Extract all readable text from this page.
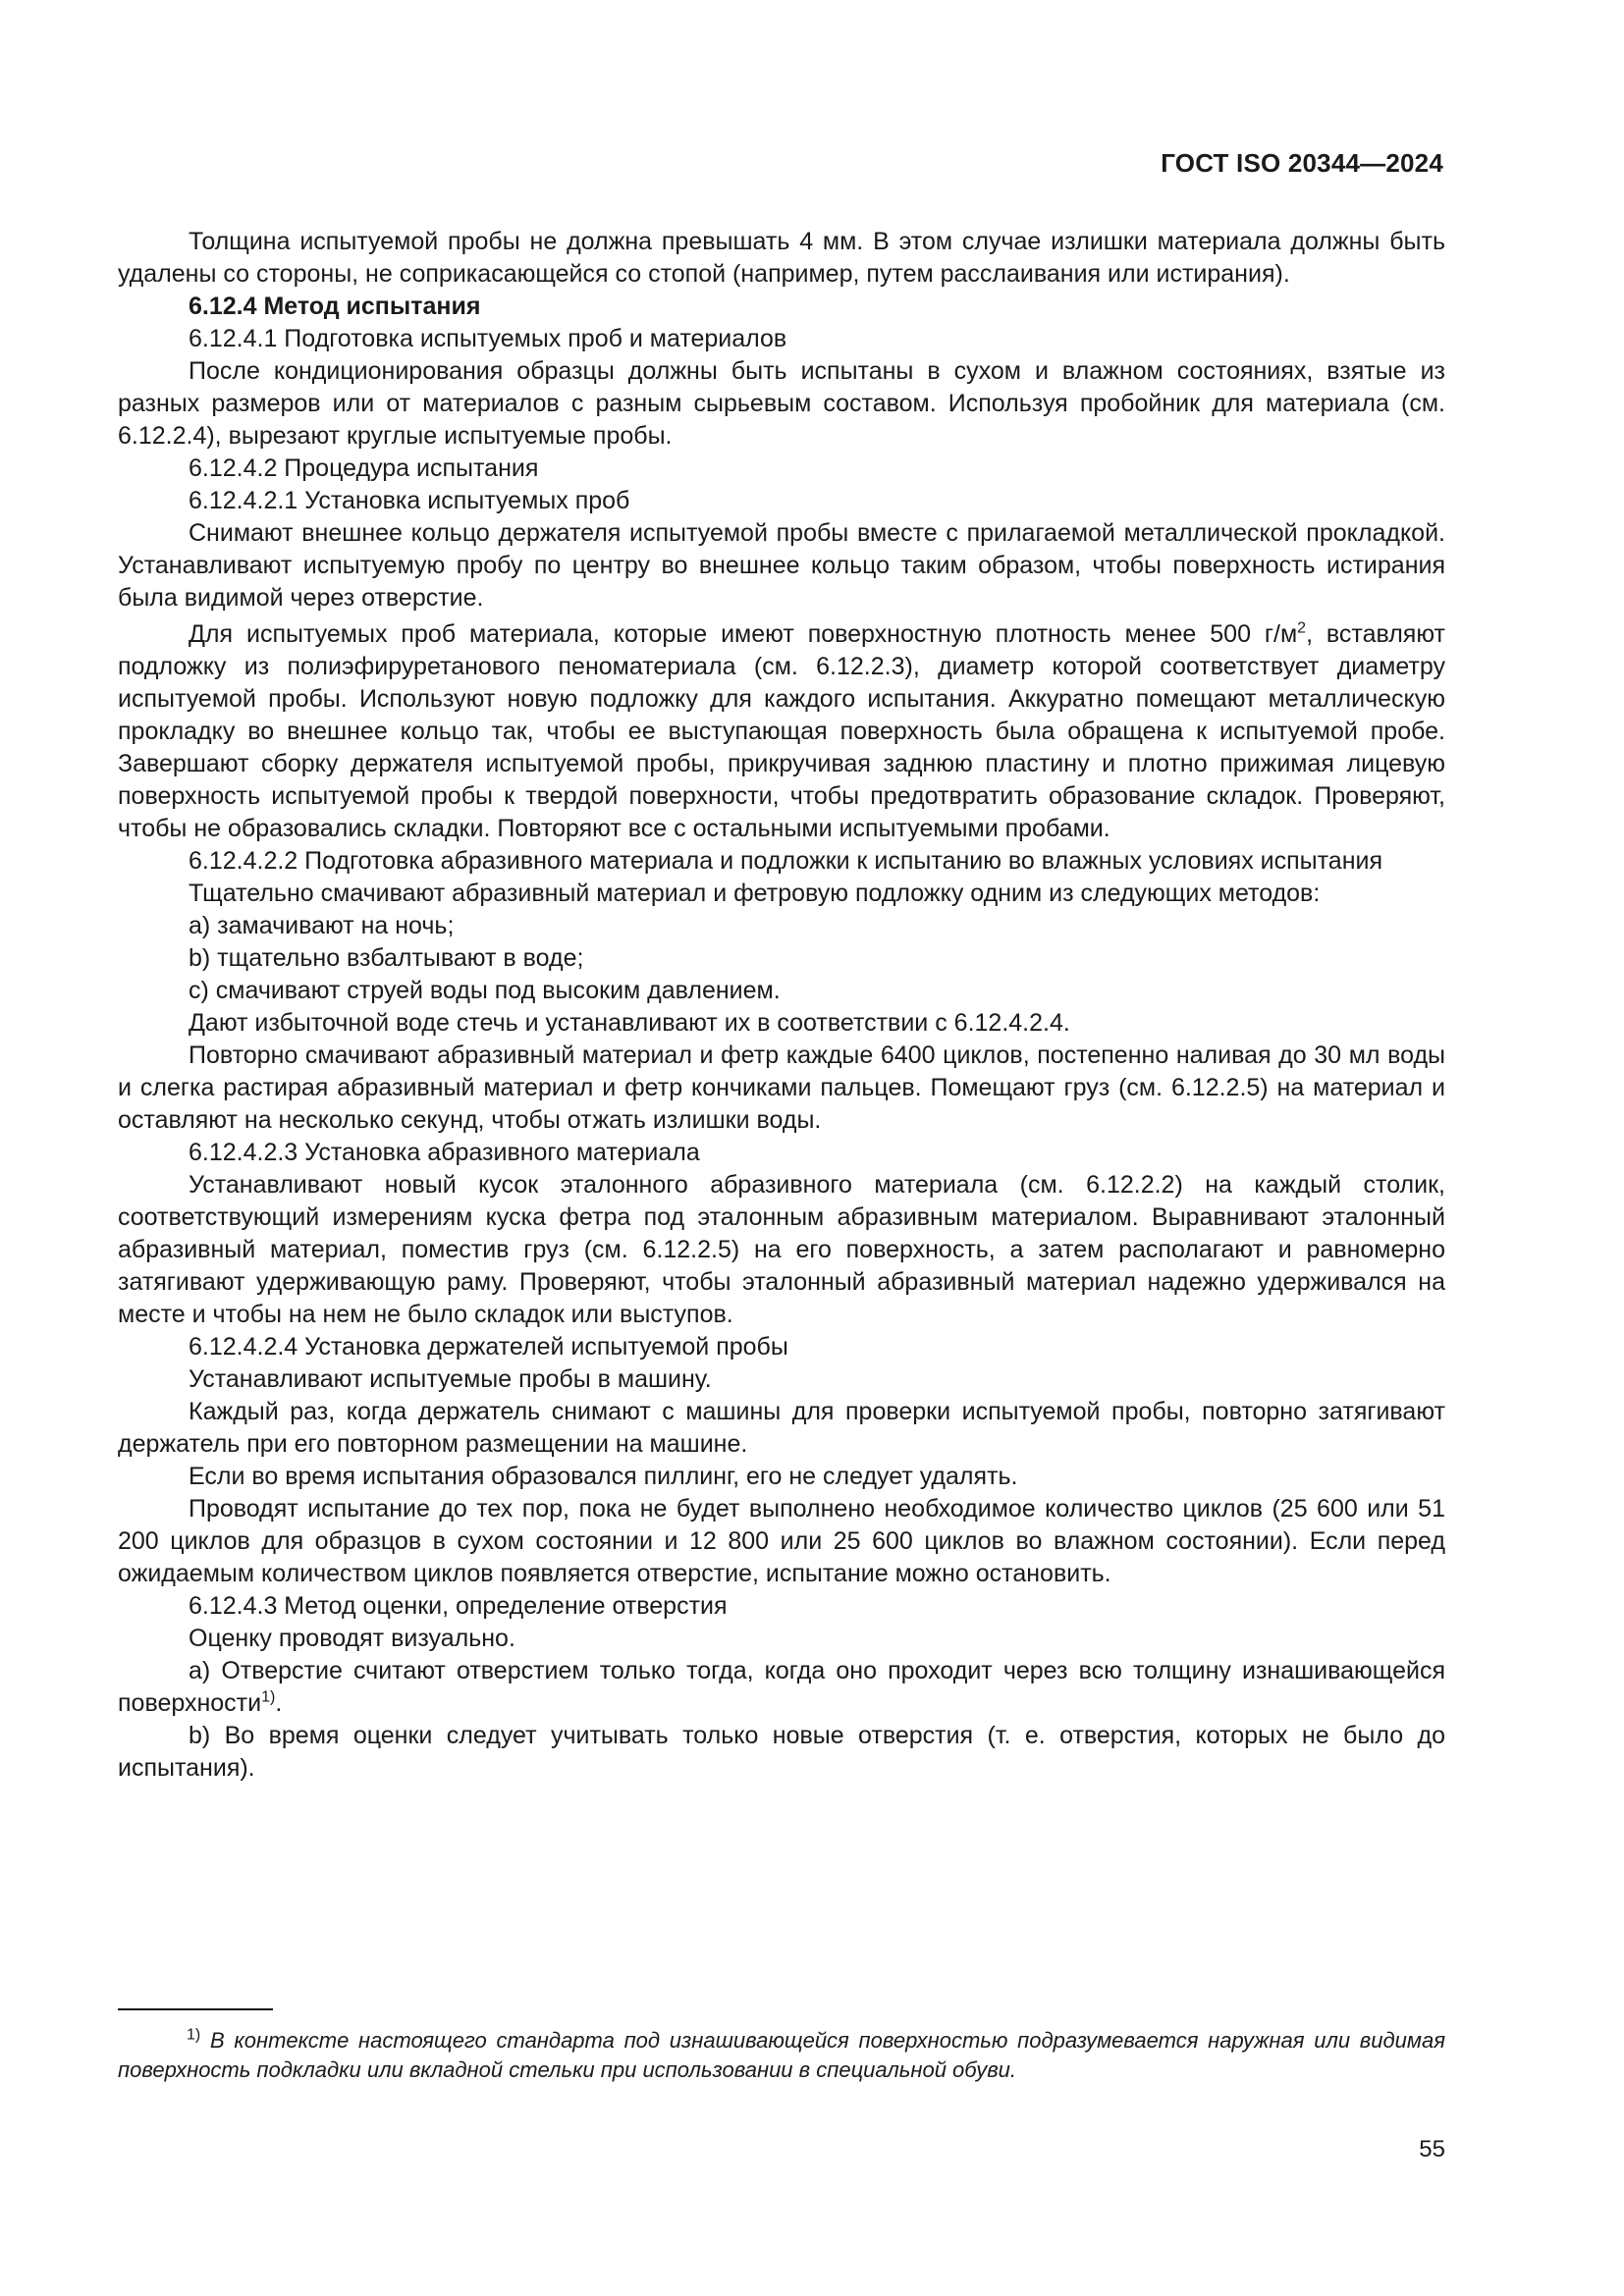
ГОСТ ISO 20344—2024

Толщина испытуемой пробы не должна превышать 4 мм. В этом случае излишки материала должны быть удалены со стороны, не соприкасающейся со стопой (например, путем расслаивания или истирания).

6.12.4 Метод испытания

6.12.4.1 Подготовка испытуемых проб и материалов

После кондиционирования образцы должны быть испытаны в сухом и влажном состояниях, взятые из разных размеров или от материалов с разным сырьевым составом. Используя пробойник для материала (см. 6.12.2.4), вырезают круглые испытуемые пробы.

6.12.4.2 Процедура испытания

6.12.4.2.1 Установка испытуемых проб

Снимают внешнее кольцо держателя испытуемой пробы вместе с прилагаемой металлической прокладкой. Устанавливают испытуемую пробу по центру во внешнее кольцо таким образом, чтобы поверхность истирания была видимой через отверстие.

Для испытуемых проб материала, которые имеют поверхностную плотность менее 500 $г/м^2$, вставляют подложку из полиэфируретанового пеноматериала (см. 6.12.2.3), диаметр которой соответствует диаметру испытуемой пробы. Используют новую подложку для каждого испытания. Аккуратно помещают металлическую прокладку во внешнее кольцо так, чтобы ее выступающая поверхность была обращена к испытуемой пробе. Завершают сборку держателя испытуемой пробы, прикручивая заднюю пластину и плотно прижимая лицевую поверхность испытуемой пробы к твердой поверхности, чтобы предотвратить образование складок. Проверяют, чтобы не образовались складки. Повторяют все с остальными испытуемыми пробами.

6.12.4.2.2 Подготовка абразивного материала и подложки к испытанию во влажных условиях испытания

Тщательно смачивают абразивный материал и фетровую подложку одним из следующих методов:

а) замачивают на ночь;

b) тщательно взбалтывают в воде;

с) смачивают струей воды под высоким давлением.

Дают избыточной воде стечь и устанавливают их в соответствии с 6.12.4.2.4.

Повторно смачивают абразивный материал и фетр каждые 6400 циклов, постепенно наливая до 30 мл воды и слегка растирая абразивный материал и фетр кончиками пальцев. Помещают груз (см. 6.12.2.5) на материал и оставляют на несколько секунд, чтобы отжать излишки воды.

6.12.4.2.3 Установка абразивного материала

Устанавливают новый кусок эталонного абразивного материала (см. 6.12.2.2) на каждый столик, соответствующий измерениям куска фетра под эталонным абразивным материалом. Выравнивают эталонный абразивный материал, поместив груз (см. 6.12.2.5) на его поверхность, а затем располагают и равномерно затягивают удерживающую раму. Проверяют, чтобы эталонный абразивный материал надежно удерживался на месте и чтобы на нем не было складок или выступов.

6.12.4.2.4 Установка держателей испытуемой пробы

Устанавливают испытуемые пробы в машину.

Каждый раз, когда держатель снимают с машины для проверки испытуемой пробы, повторно затягивают держатель при его повторном размещении на машине.

Если во время испытания образовался пиллинг, его не следует удалять.

Проводят испытание до тех пор, пока не будет выполнено необходимое количество циклов (25 600 или 51 200 циклов для образцов в сухом состоянии и 12 800 или 25 600 циклов во влажном состоянии). Если перед ожидаемым количеством циклов появляется отверстие, испытание можно остановить.

6.12.4.3 Метод оценки, определение отверстия

Оценку проводят визуально.

а) Отверстие считают отверстием только тогда, когда оно проходит через всю толщину изнашивающейся поверхности$^{1)}$.

b) Во время оценки следует учитывать только новые отверстия (т. е. отверстия, которых не было до испытания).

$^{1)}$ В контексте настоящего стандарта под изнашивающейся поверхностью подразумевается наружная или видимая поверхность подкладки или вкладной стельки при использовании в специальной обуви.

55
